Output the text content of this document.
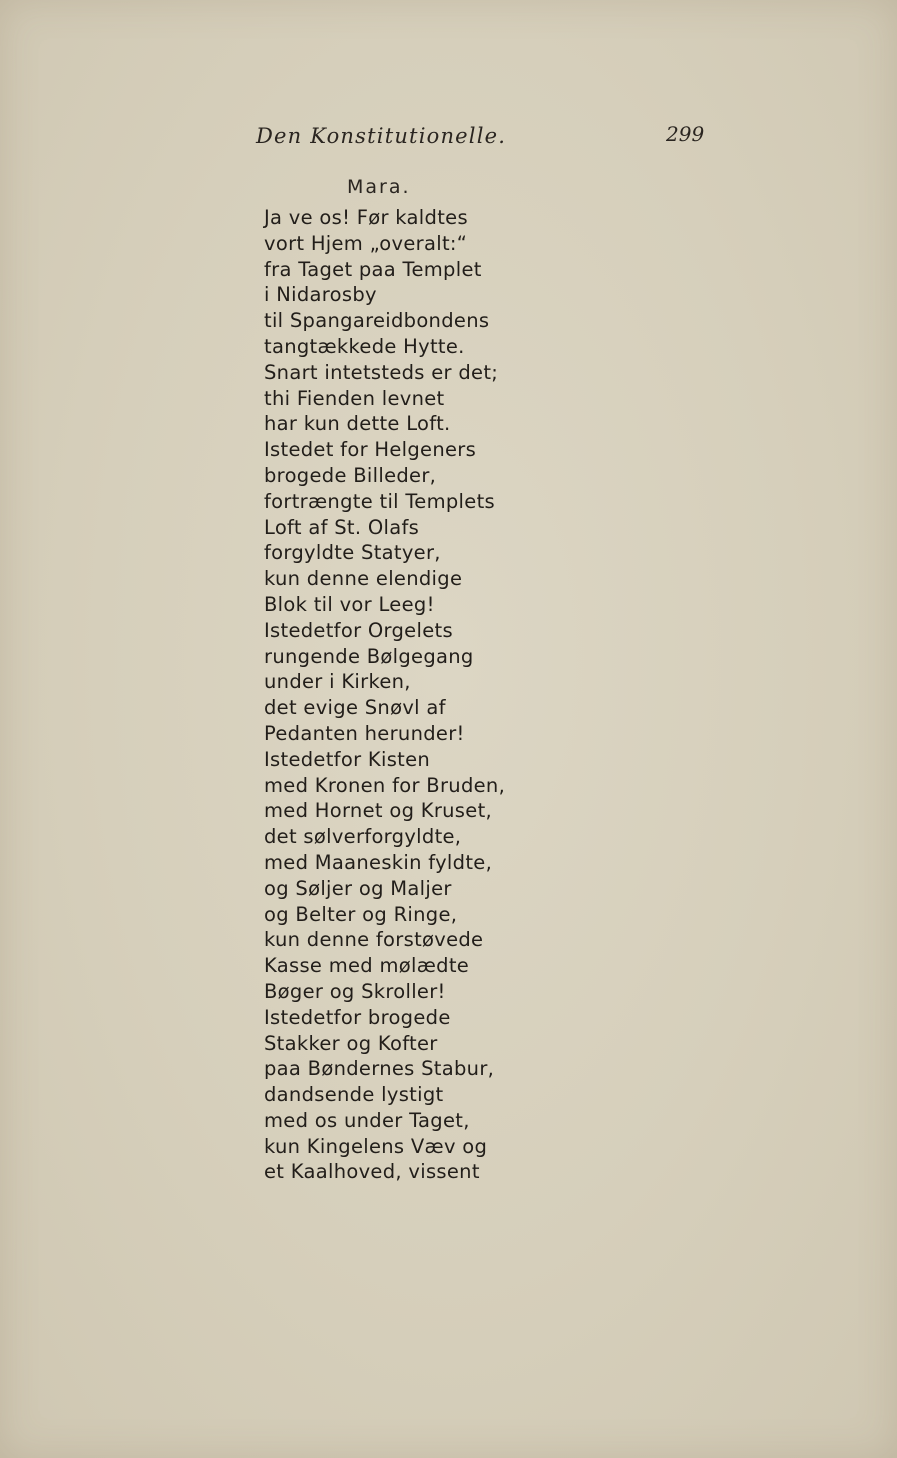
Den Konstitutionelle.	299
Mara.
Ja ve os! Før kaldtes
vort Hjem „overalt:“
fra Taget paa Templet
i Nidarosby
til Spangareidbondens
tangtækkede Hytte.
Snart intetsteds er det;
thi Fienden levnet
har kun dette Loft.
Istedet for Helgeners
brogede Billeder,
fortrængte til Templets
Loft af St. Olafs
forgyldte Statyer,
kun denne elendige
Blok til vor Leeg!
Istedetfor Orgelets
rungende Bølgegang
under i Kirken,
det evige Snøvl af
Pedanten herunder!
Istedetfor Kisten
med Kronen for Bruden,
med Hornet og Kruset,
det sølverforgyldte,
med Maaneskin fyldte,
og Søljer og Maljer
og Belter og Ringe,
kun denne forstøvede
Kasse med mølædte
Bøger og Skroller!
Istedetfor brogede
Stakker og Kofter
paa Bøndernes Stabur,
dandsende lystigt
med os under Taget,
kun Kingelens Væv og
et Kaalhoved, vissent
